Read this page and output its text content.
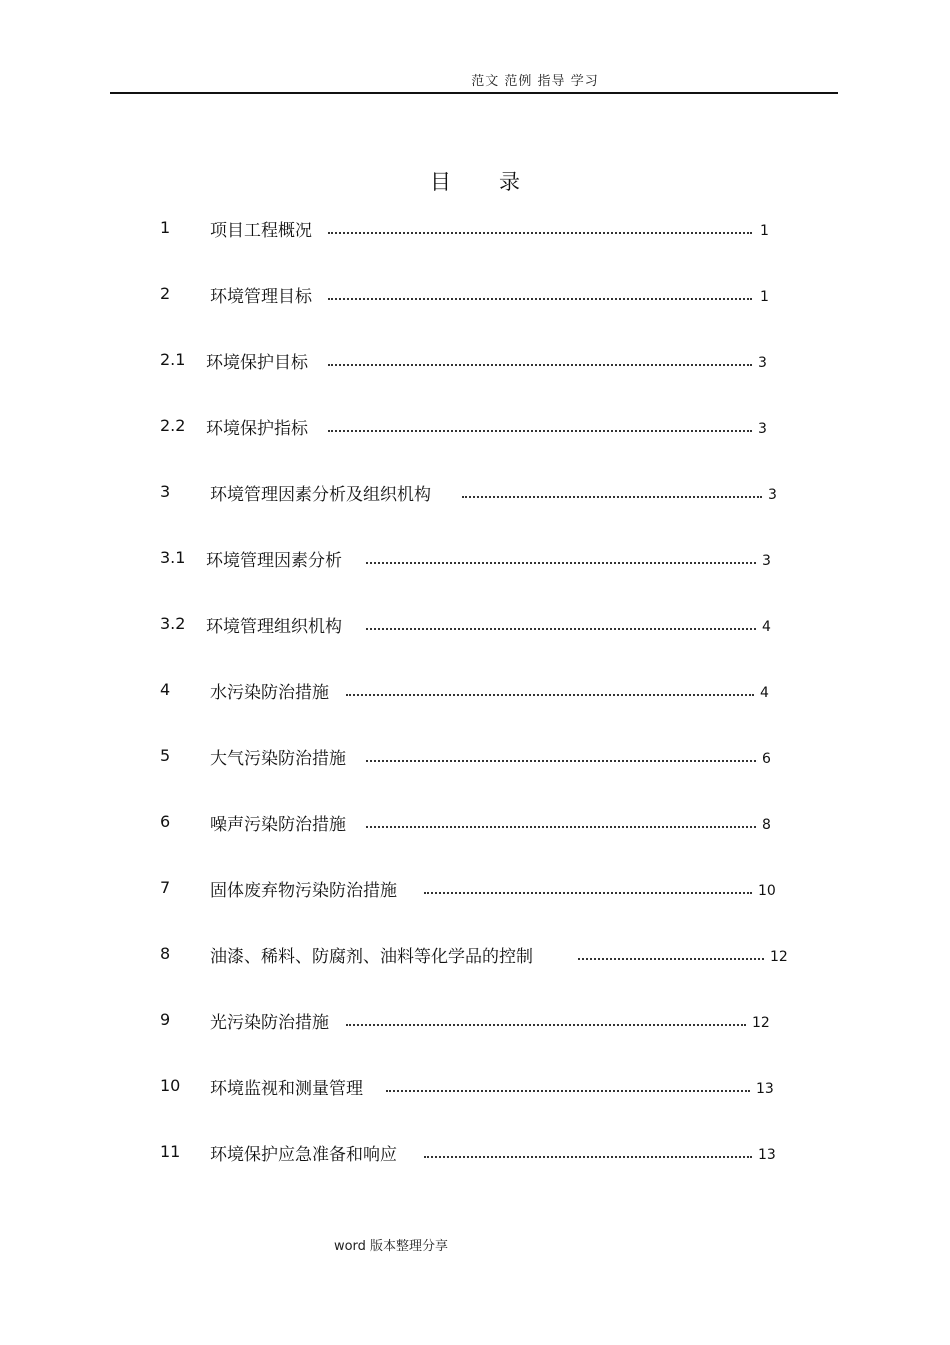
范文 范例 指导 学习
目 录
1 项目工程概况	1
2 环境管理目标	1
2.1 环境保护目标	3
2.2 环境保护指标	3
3 环境管理因素分析及组织机构	3
3.1 环境管理因素分析	3
3.2 环境管理组织机构	4
4 水污染防治措施	4
5 大气污染防治措施	6
6 噪声污染防治措施	8
7 固体废弃物污染防治措施	10
8 油漆、稀料、防腐剂、油料等化学品的控制	12
9 光污染防治措施	12
10 环境监视和测量管理	13
11 环境保护应急准备和响应	13
word 版本整理分享
